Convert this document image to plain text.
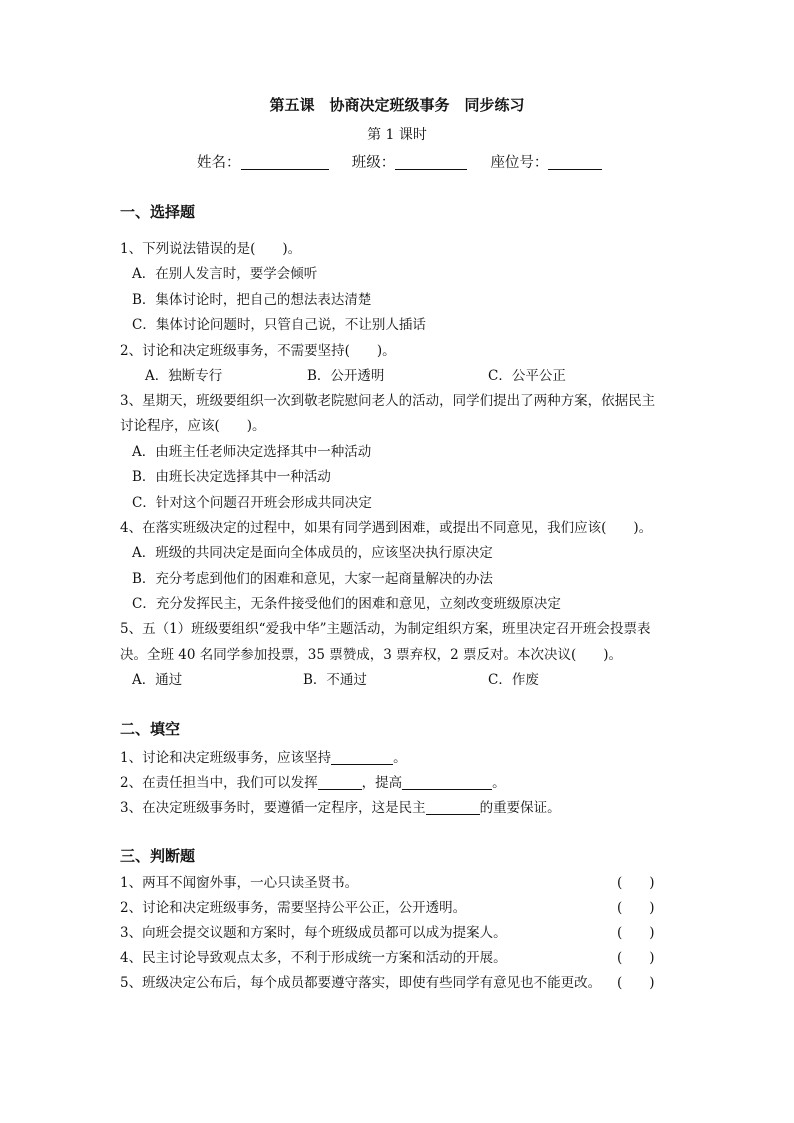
第五课　协商决定班级事务　同步练习
第 1 课时
姓名：	班级：	座位号：
一、选择题
1、下列说法错误的是(　　)。
A．在别人发言时，要学会倾听
B．集体讨论时，把自己的想法表达清楚
C．集体讨论问题时，只管自己说，不让别人插话
2、讨论和决定班级事务，不需要坚持(　　)。
A．独断专行	B．公开透明	C．公平公正
3、星期天，班级要组织一次到敬老院慰问老人的活动，同学们提出了两种方案，依据民主
讨论程序，应该(　　)。
A．由班主任老师决定选择其中一种活动
B．由班长决定选择其中一种活动
C．针对这个问题召开班会形成共同决定
4、在落实班级决定的过程中，如果有同学遇到困难，或提出不同意见，我们应该(　　)。
A．班级的共同决定是面向全体成员的，应该坚决执行原决定
B．充分考虑到他们的困难和意见，大家一起商量解决的办法
C．充分发挥民主，无条件接受他们的困难和意见，立刻改变班级原决定
5、五（1）班级要组织“爱我中华”主题活动，为制定组织方案，班里决定召开班会投票表
决。全班 40 名同学参加投票，35 票赞成，3 票弃权，2 票反对。本次决议(　　)。
A．通过	B．不通过	C．作废
二、填空
1、讨论和决定班级事务，应该坚持	。
2、在责任担当中，我们可以发挥	，提高	。
3、在决定班级事务时，要遵循一定程序，这是民主	的重要保证。
三、判断题
1、两耳不闻窗外事，一心只读圣贤书。	(　　)
2、讨论和决定班级事务，需要坚持公平公正，公开透明。	(　　)
3、向班会提交议题和方案时，每个班级成员都可以成为提案人。	(　　)
4、民主讨论导致观点太多，不利于形成统一方案和活动的开展。	(　　)
5、班级决定公布后，每个成员都要遵守落实，即使有些同学有意见也不能更改。 (　　)
